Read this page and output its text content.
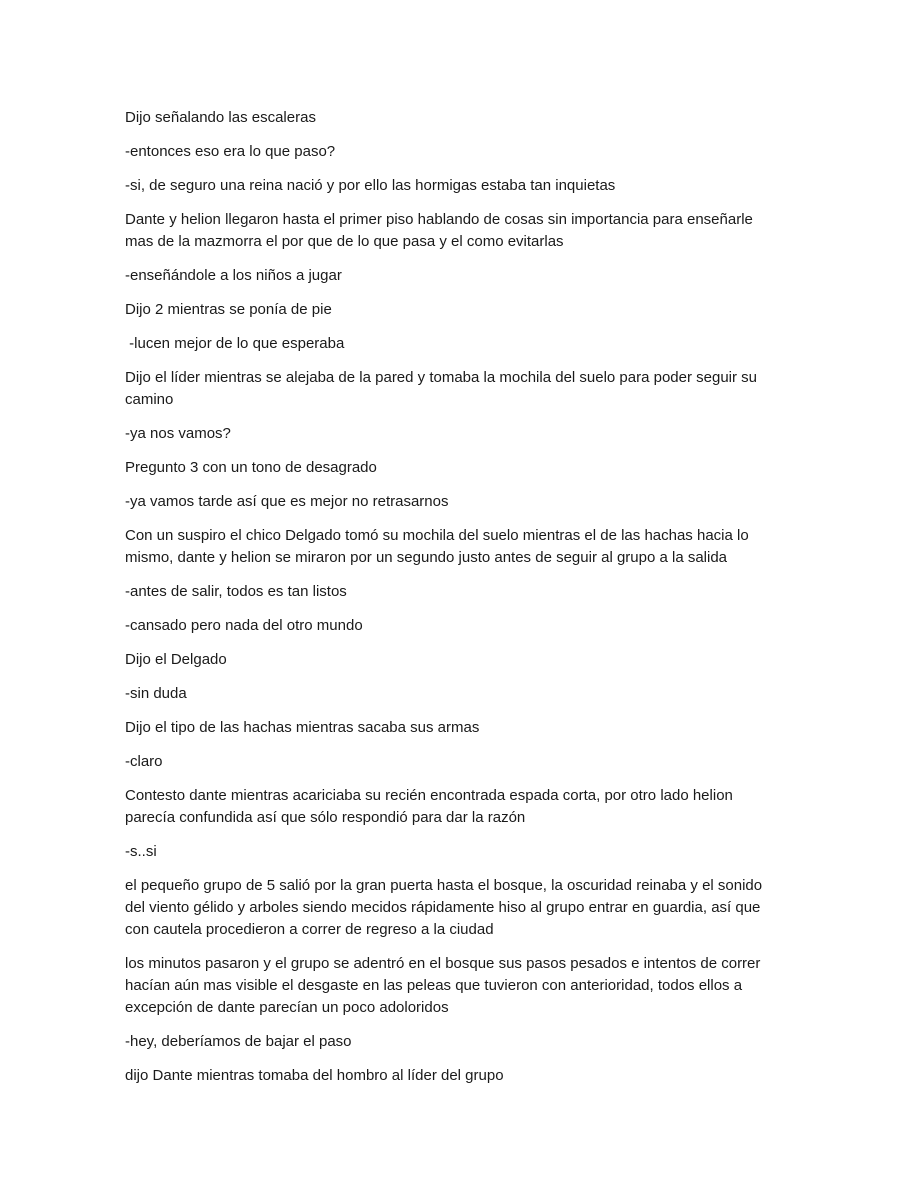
Dijo señalando las escaleras

-entonces eso era lo que paso?

-si, de seguro una reina nació y por ello las hormigas estaba tan inquietas

Dante y helion llegaron hasta el primer piso hablando de cosas sin importancia para enseñarle mas de la mazmorra el por que de lo que pasa y el como evitarlas

-enseñándole a los niños a jugar

Dijo 2 mientras se ponía de pie

-lucen mejor de lo que esperaba

Dijo el líder mientras se alejaba de la pared y tomaba la mochila del suelo para poder seguir su camino

-ya nos vamos?

Pregunto 3 con un tono de desagrado

-ya vamos tarde así que es mejor no retrasarnos

Con un suspiro el chico Delgado tomó su mochila del suelo mientras el de las hachas hacia lo mismo, dante y helion se miraron por un segundo justo antes de seguir al grupo a la salida

-antes de salir, todos es tan listos

-cansado pero nada del otro mundo

Dijo el Delgado

-sin duda

Dijo el tipo de las hachas mientras sacaba sus armas

-claro

Contesto dante mientras acariciaba su recién encontrada espada corta, por otro lado helion parecía confundida así que sólo respondió para dar la razón

-s..si

el pequeño grupo de 5 salió por la gran puerta hasta el bosque, la oscuridad reinaba y el sonido del viento gélido y arboles siendo mecidos rápidamente hiso al grupo entrar en guardia, así que con cautela procedieron a correr de regreso a la ciudad

los minutos pasaron y el grupo se adentró en el bosque sus pasos pesados e intentos de correr hacían aún mas visible el desgaste en las peleas que tuvieron con anterioridad, todos ellos a excepción de dante parecían un poco adoloridos

-hey, deberíamos de bajar el paso

dijo Dante mientras tomaba del hombro al líder del grupo
